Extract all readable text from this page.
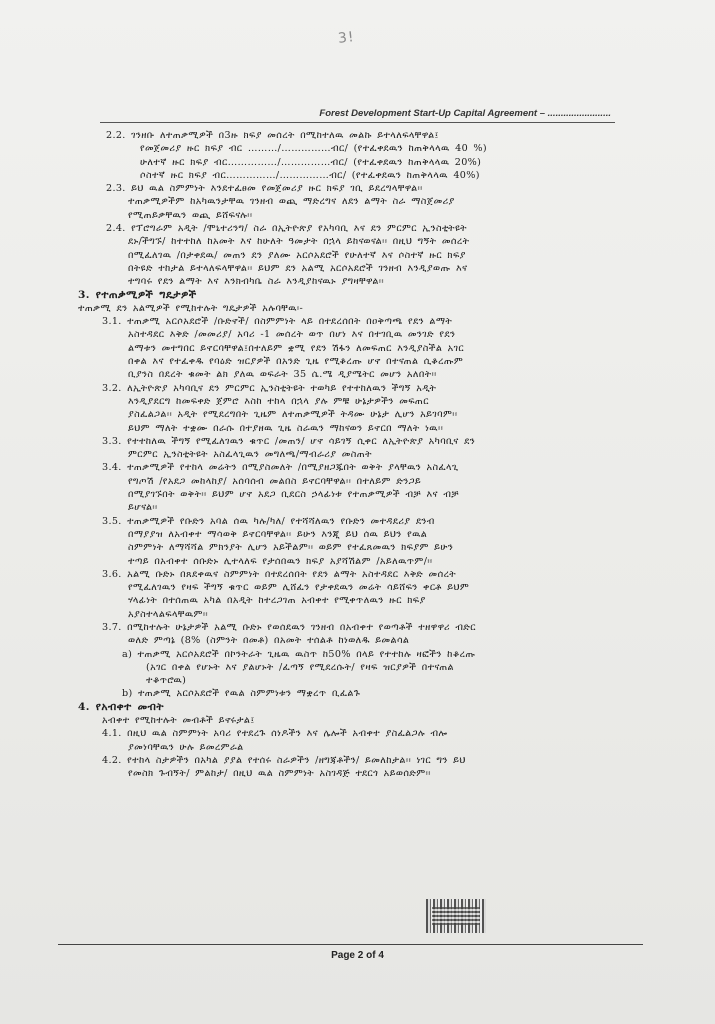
3!
Forest Development Start-Up Capital Agreement – ........................
2.2. ገንዘቡ ለተጠቃሚዎች በ3ዙ ክፍያ መሰረት በሚከተለዉ መልኩ ይተላለፍላቸዋል፤
የመጀመሪያ ዙር ክፍያ ብር ………/……………ብር/ (የተፈቀደዉን ከጠቅላላዉ 40 %)
ሁለተኛ ዙር ክፍያ ብር……………/……………ብር/ (የተፈቀደዉን ከጠቅላላዉ 20%)
ሶስተኛ ዙር ክፍያ ብር……………/……………ብር/ (የተፈቀደዉን ከጠቅላላዉ 40%)
2.3. ይህ ዉል ስምምነት እንደተፈፀመ የመጀመሪያ ዙር ክፍያ ገቢ ይደረግላቸዋል፡፡
ተጠቃሚዎችም ከአካዉንታቸዉ ገንዘብ ወጪ ማድረግና ለደን ልማት ስራ ማስጀመሪያ
የሚጠይቃቸዉን ወጪ ይሸፍናሉ፡፡
2.4. የፕሮግራም አዲት /ሞኒተሪንግ/ ስራ በኢትዮጵያ የአካባቢ እና ደን ምርምር ኢንስቲትዩት
ደኑ/ችግኙ/ ከተተከለ ከአመት እና ከሁለት ዓመታት በኋላ ይከናወናል፡፡ በዚህ ግኝት መሰረት
በሚፈለገዉ /በታቀደዉ/ መጠን ደን ያለሙ አርሶአደሮች የሁለተኛ እና ሶስተኛ ዙር ክፍያ
በትዩድ ተከታል ይተላለፍላቸዋል፡፡ ይህም ደን አልሚ አርሶአደሮች ገንዘብ እንዲያወጡ እና
ተግባሩ የደን ልማት እና እንክብካቤ ስራ እንዲያከናዉኑ ያግዛቸዋል፡፡
3. የተጠቃሚዎች ግዴታዎች
ተጠቃሚ ደን አልሚዎች የሚከተሉት ግዴታዎች አሉባቸዉ፡-
3.1. ተጠቃሚ አርሶአደሮች /ቡድኖች/ በስምምነት ላይ በተደረሰበት በዐቅጣጫ የደን ልማት
አስተዳደር እቅድ /መመሪያ/ አባሪ -1 መሰረት ወጥ በሆነ እና በተገቢዉ መንገድ የደን
ልማቱን መተግበር ይኖርባቸዋል፤በተለይም ቋሚ የደን ሽፋን ለመፍጠር እንዲያስችል አገር
በቀል እና የተፈቀዱ የባዕድ ዝርያዎች በአንድ ጊዜ የሚቆረጡ ሆኖ በተናጠል ሲቆረጡም
ቢያንስ በደረት ቁመት ልክ ያለዉ ወፍራት 35 ሴ.ሜ ዲያሜትር መሆን አለበት፡፡
3.2. ለኢትዮጵያ አካባቢና ደን ምርምር ኢንስቲትዩት ተወካይ የተተከለዉን ችግኝ አዲት
እንዲያደርግ ከመፍቀድ ጀምሮ እስከ ተከላ በኋላ ያሉ ምቹ ሁኔታዎችን መፍጠር
ያስፈልጋል፡፡ አዲት የሚደረግበት ጊዜም ለተጠቃሚዎች ትዳሙ ሁኔታ ሊሆን አይገባም፡፡
ይህም ማለት ተቋሙ በራሱ በተያዘዉ ጊዜ ስራዉን ማከናወን ይኖርበ ማለት ነዉ፡፡
3.3. የተተከለዉ ችግኝ የሚፈለገዉን ቁጥር /መጠን/ ሆኖ ሳይገኝ ሲቀር ለኢትዮጵያ አካባቢና ደን
ምርምር ኢንስቲትዩት አስፈላጊዉን መግለጫ/ማብራሪያ መስጠት
3.4. ተጠቃሚዎች የተከላ መሬትን በሚያስመለት /በሚያዘጋጁበት ወቅት ያላቸዉን አስፈላጊ
የግጦሽ /የአደጋ መከላከያ/ አሰባሰብ መልበስ ይኖርባቸዋል፡፡ በተለይም ድንጋይ
በሚያገኙበት ወቅት፡፡ ይህም ሆኖ አደጋ ቢደርስ ኃላፊነቱ የተጠቃሚዎች ብቻ እና ብቻ
ይሆናል፡፡
3.5. ተጠቃሚዎች የቡድን አባል ሰዉ ካሉ/ካለ/ የተሻሻለዉን የቡድን መተዳደሪያ ደንብ
በማያያዝ ለአብቀተ ማሳወቅ ይኖርባቸዋል፡፡ ይሁን እንጂ ይህ ሰዉ ይህን የዉል
ስምምነት ለማሻሻል ምክንያት ሊሆን አይችልም፡፡ ወይም የተፈጸመዉን ክፍያም ይሁን
ተጣይ በአብቀተ ሰቡድኑ ሊተላለፍ የታሰበዉን ክፍያ አያሻሽልም /አይለዉጥም/፡፡
3.6. አልሚ ቡድኑ በጸደቀዉና ስምምነት በተደረሰበት የደን ልማት አስተዳደር እቅድ መሰረት
የሚፈለገዉን የዛፍ ችግኝ ቁጥር ወይም ሊሸፈን የታቀደዉን መሬት ሳይሸፍን ቀርቶ ይህም
ሃላፊነት በተሰጠዉ አካል በአዲት ከተረጋገጠ አብቀተ የሚቀጥለዉን ዙር ክፍያ
አያስተላልፍላቸዉም፡፡
3.7. በሚከተሉት ሁኔታዎች አልሚ ቡድኑ የወሰደዉን ገንዘብ በአብቀተ የወጣቶች ተዘዋዋሪ ብድር
ወለድ ምጣኔ (8% (ስምንት በመቶ) በአመት ተሰልቶ ከነወለዱ ይመልሳል
a) ተጠቃሚ አርሶአደሮች በኮንትራት ጊዜዉ ዉስጥ ከ50% በላይ የተተከሉ ዛፎችን ከቆረጡ
(አገር በቀል የሆኑት እና ያልሆኑት /ፈጣኝ የሚደረሱት/ የዛፍ ዝርያዎች በተናጠል
ተቆጥሮዉ)
b) ተጠቃሚ አርሶአደሮች የዉል ስምምነቱን ማቋረጥ ቢፈልጉ
4. የአብቀተ መብት
አብቀተ የሚከተሉት መብቶች ይኖሩታል፤
4.1. በዚህ ዉል ስምምነት አባሪ የተደረጉ ሰነዶችን እና ሌሎች አብቀተ ያስፈልጋሉ ብሎ
ያመነባቸዉን ሁሉ ይመረምራል
4.2. የተከላ ስታዎችን በአካል ያያል የተሰሩ ስራዎችን /ዘግጃቶችን/ ይመለከታል፡፡ ነገር ግን ይህ
የመስክ ጉብኝት/ ምልከታ/ በዚህ ዉል ስምምነት አስገዳጅ ተደርጎ አይወሰድም፡፡
Page 2 of 4
